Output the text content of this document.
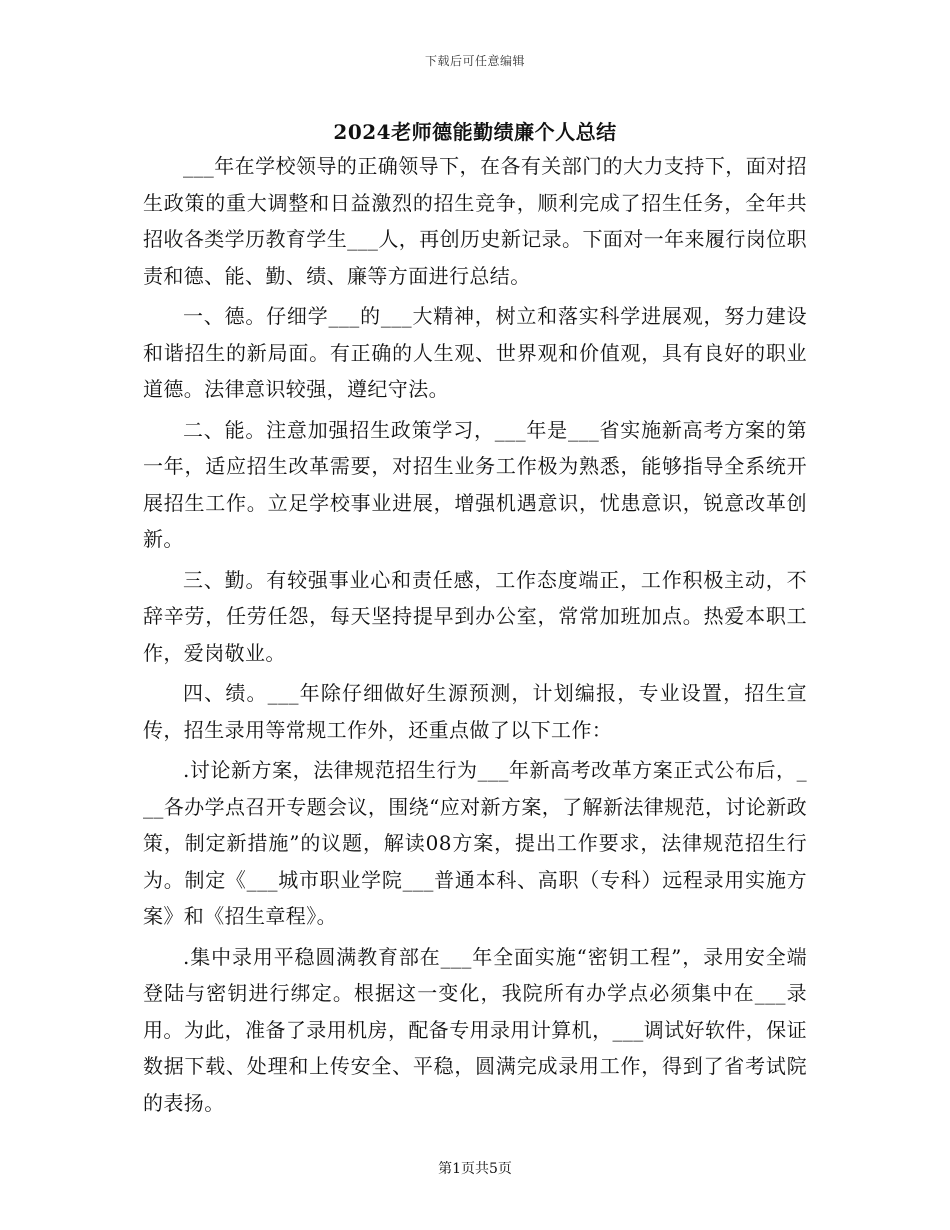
下载后可任意编辑
2024老师德能勤绩廉个人总结

___年在学校领导的正确领导下，在各有关部门的大力支持下，面对招生政策的重大调整和日益激烈的招生竞争，顺利完成了招生任务，全年共招收各类学历教育学生___人，再创历史新记录。下面对一年来履行岗位职责和德、能、勤、绩、廉等方面进行总结。

一、德。仔细学___的___大精神，树立和落实科学进展观，努力建设和谐招生的新局面。有正确的人生观、世界观和价值观，具有良好的职业道德。法律意识较强，遵纪守法。

二、能。注意加强招生政策学习，___年是___省实施新高考方案的第一年，适应招生改革需要，对招生业务工作极为熟悉，能够指导全系统开展招生工作。立足学校事业进展，增强机遇意识，忧患意识，锐意改革创新。

三、勤。有较强事业心和责任感，工作态度端正，工作积极主动，不辞辛劳，任劳任怨，每天坚持提早到办公室，常常加班加点。热爱本职工作，爱岗敬业。

四、绩。___年除仔细做好生源预测，计划编报，专业设置，招生宣传，招生录用等常规工作外，还重点做了以下工作：

.讨论新方案，法律规范招生行为___年新高考改革方案正式公布后，___各办学点召开专题会议，围绕“应对新方案，了解新法律规范，讨论新政策，制定新措施”的议题，解读08方案，提出工作要求，法律规范招生行为。制定《___城市职业学院___普通本科、高职（专科）远程录用实施方案》和《招生章程》。

.集中录用平稳圆满教育部在___年全面实施“密钥工程”，录用安全端登陆与密钥进行绑定。根据这一变化，我院所有办学点必须集中在___录用。为此，准备了录用机房，配备专用录用计算机，___调试好软件，保证数据下载、处理和上传安全、平稳，圆满完成录用工作，得到了省考试院的表扬。

第1页共5页
